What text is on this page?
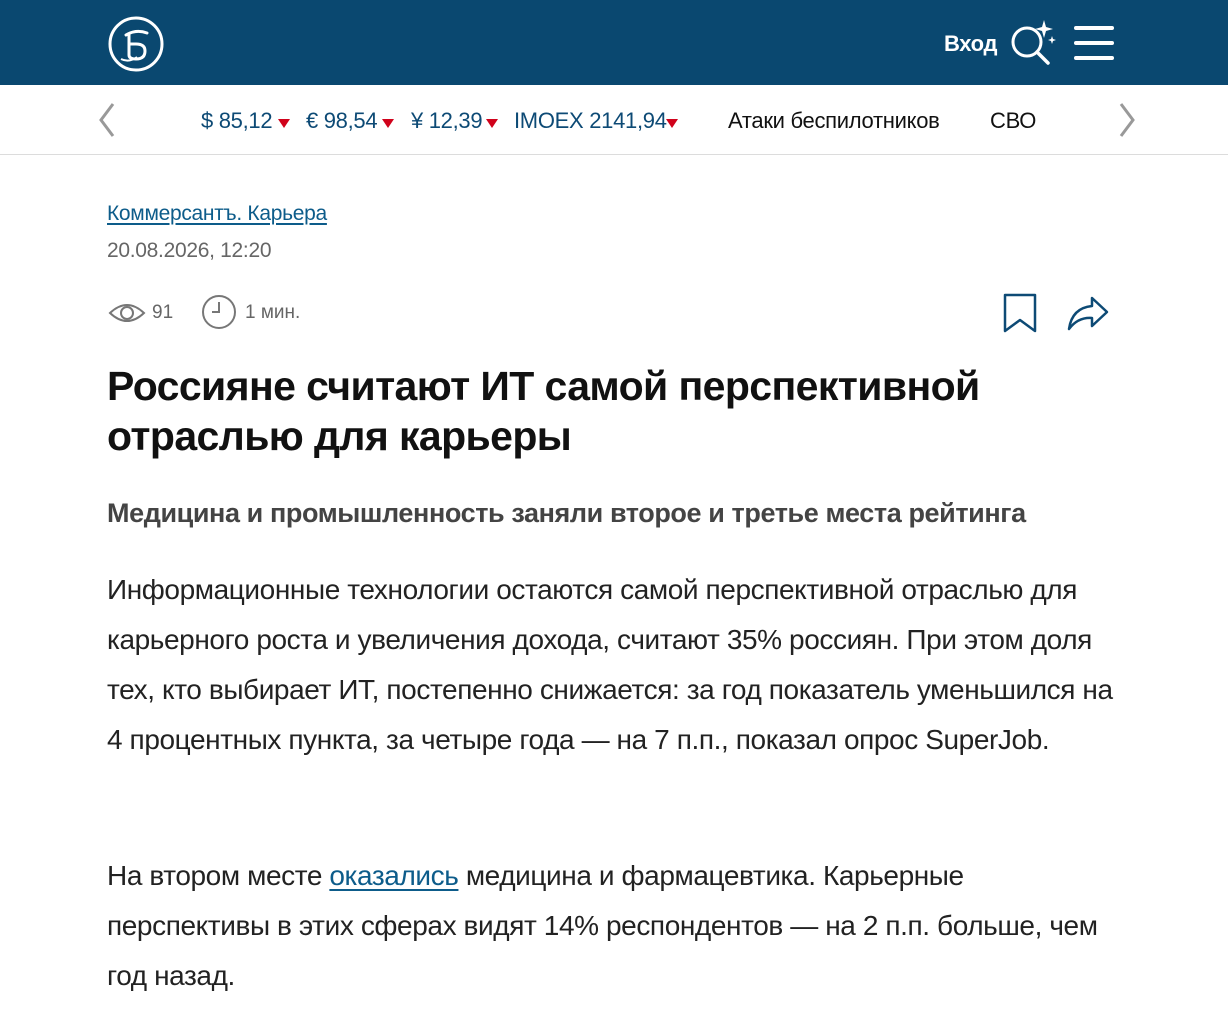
Вход
$ 85,12 € 98,54 ¥ 12,39 IMOEX 2141,94	Атаки беспилотников СВО
Коммерсантъ. Карьера
20.08.2026, 12:20
91	1 мин.
Россияне считают ИТ самой перспективной отраслью для карьеры
Медицина и промышленность заняли второе и третье места рейтинга

Информационные технологии остаются самой перспективной отраслью для карьерного роста и увеличения дохода, считают 35% россиян. При этом доля тех, кто выбирает ИТ, постепенно снижается: за год показатель уменьшился на 4 процентных пункта, за четыре года — на 7 п.п., показал опрос SuperJob.

На втором месте оказались медицина и фармацевтика. Карьерные перспективы в этих сферах видят 14% респондентов — на 2 п.п. больше, чем год назад.
